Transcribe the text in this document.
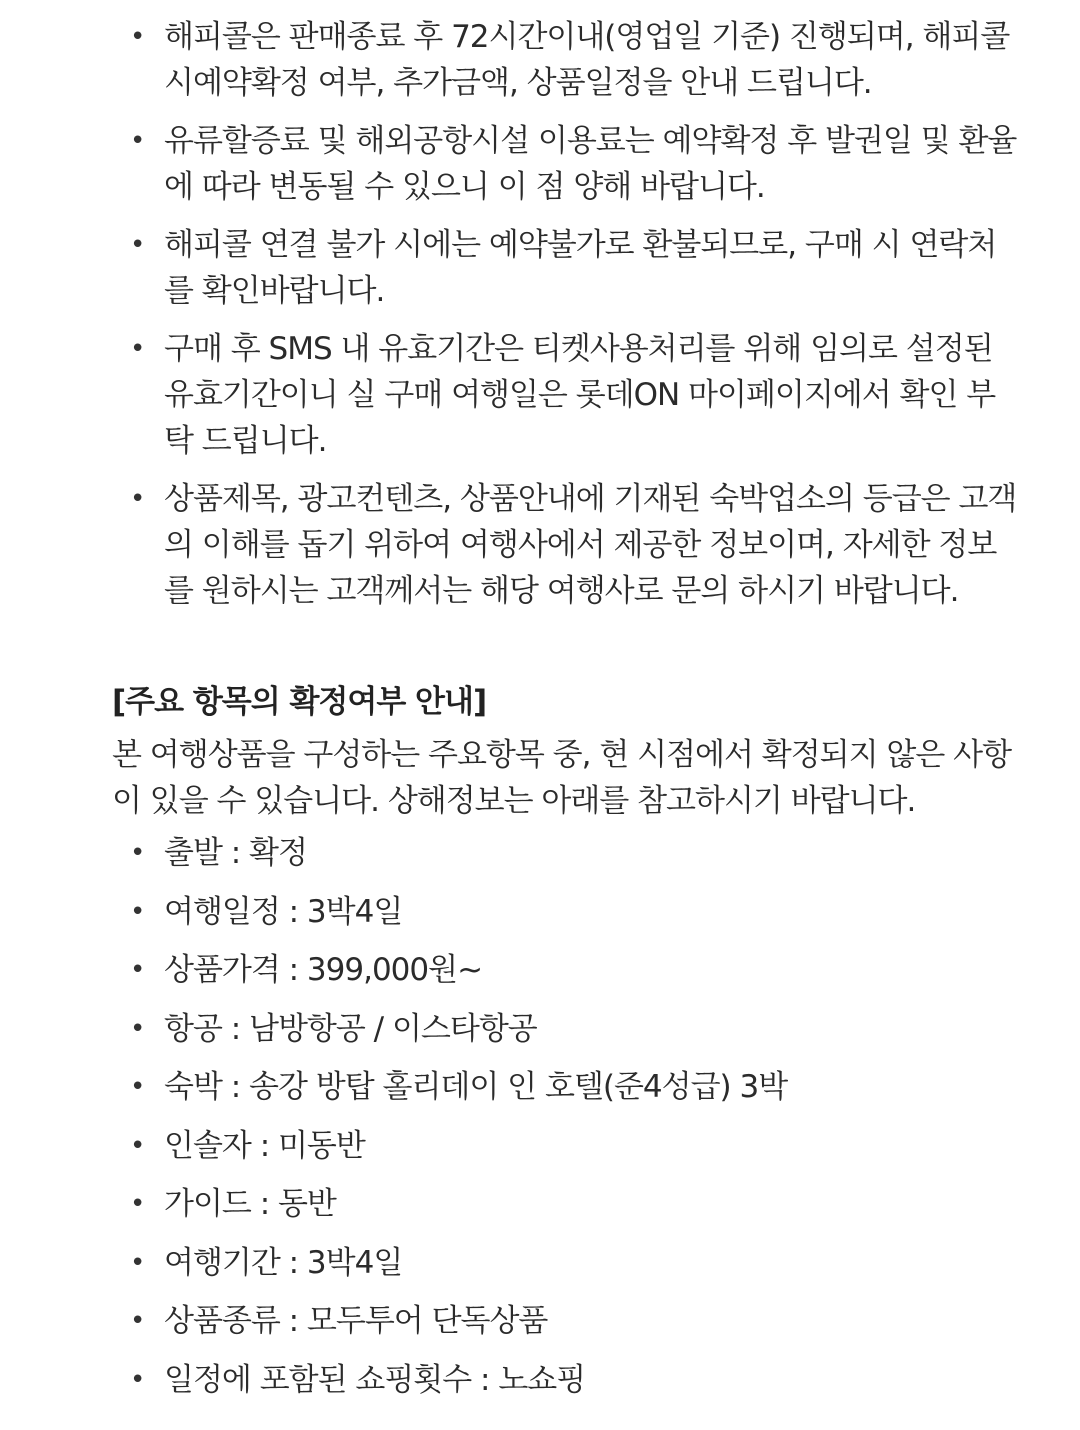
• 해피콜은 판매종료 후 72시간이내(영업일 기준) 진행되며, 해피콜 시예약확정 여부, 추가금액, 상품일정을 안내 드립니다.
• 유류할증료 및 해외공항시설 이용료는 예약확정 후 발권일 및 환율에 따라 변동될 수 있으니 이 점 양해 바랍니다.
• 해피콜 연결 불가 시에는 예약불가로 환불되므로, 구매 시 연락처를 확인바랍니다.
• 구매 후 SMS 내 유효기간은 티켓사용처리를 위해 임의로 설정된 유효기간이니 실 구매 여행일은 롯데ON 마이페이지에서 확인 부탁 드립니다.
• 상품제목, 광고컨텐츠, 상품안내에 기재된 숙박업소의 등급은 고객의 이해를 돕기 위하여 여행사에서 제공한 정보이며, 자세한 정보를 원하시는 고객께서는 해당 여행사로 문의 하시기 바랍니다.
[주요 항목의 확정여부 안내]
본 여행상품을 구성하는 주요항목 중, 현 시점에서 확정되지 않은 사항이 있을 수 있습니다. 상해정보는 아래를 참고하시기 바랍니다.
• 출발 : 확정
• 여행일정 : 3박4일
• 상품가격 : 399,000원~
• 항공 : 남방항공 / 이스타항공
• 숙박 : 송강 방탑 홀리데이 인 호텔(준4성급) 3박
• 인솔자 : 미동반
• 가이드 : 동반
• 여행기간 : 3박4일
• 상품종류 : 모두투어 단독상품
• 일정에 포함된 쇼핑횟수 : 노쇼핑
